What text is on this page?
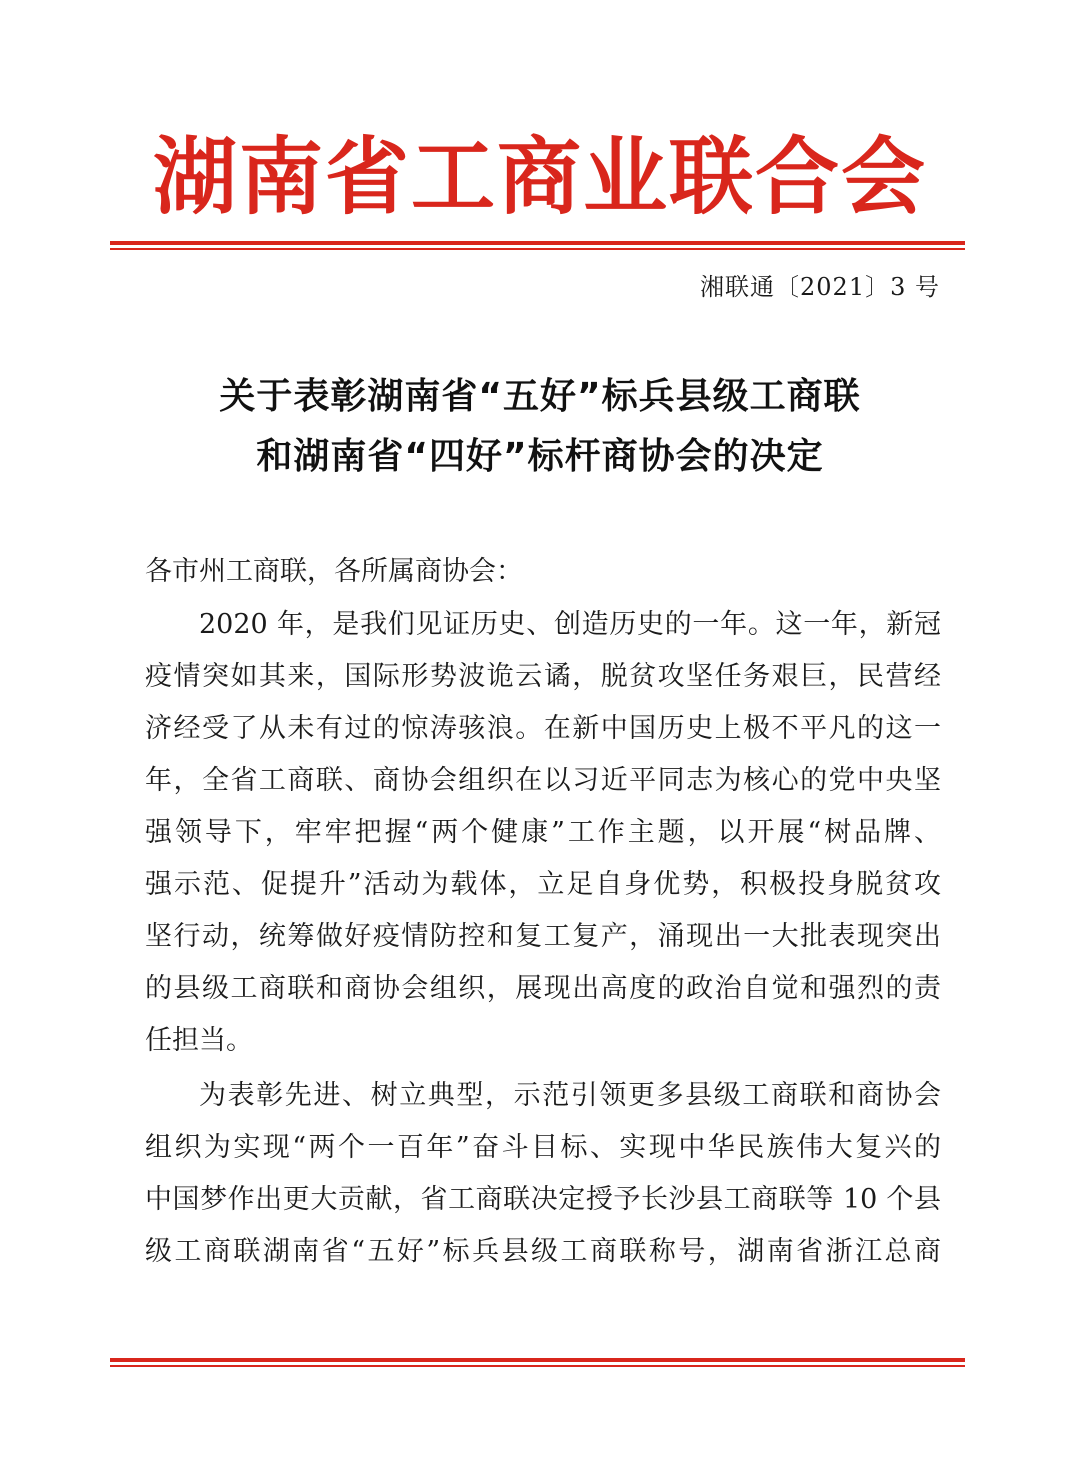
湖南省工商业联合会
湘联通〔2021〕3 号
关于表彰湖南省“五好”标兵县级工商联
和湖南省“四好”标杆商协会的决定
各市州工商联，各所属商协会：
2020 年，是我们见证历史、创造历史的一年。这一年，新冠
疫情突如其来，国际形势波诡云谲，脱贫攻坚任务艰巨，民营经
济经受了从未有过的惊涛骇浪。在新中国历史上极不平凡的这一
年，全省工商联、商协会组织在以习近平同志为核心的党中央坚
强领导下，牢牢把握“两个健康”工作主题，以开展“树品牌、
强示范、促提升”活动为载体，立足自身优势，积极投身脱贫攻
坚行动，统筹做好疫情防控和复工复产，涌现出一大批表现突出
的县级工商联和商协会组织，展现出高度的政治自觉和强烈的责
任担当。
为表彰先进、树立典型，示范引领更多县级工商联和商协会
组织为实现“两个一百年”奋斗目标、实现中华民族伟大复兴的
中国梦作出更大贡献，省工商联决定授予长沙县工商联等 10 个县
级工商联湖南省“五好”标兵县级工商联称号，湖南省浙江总商
